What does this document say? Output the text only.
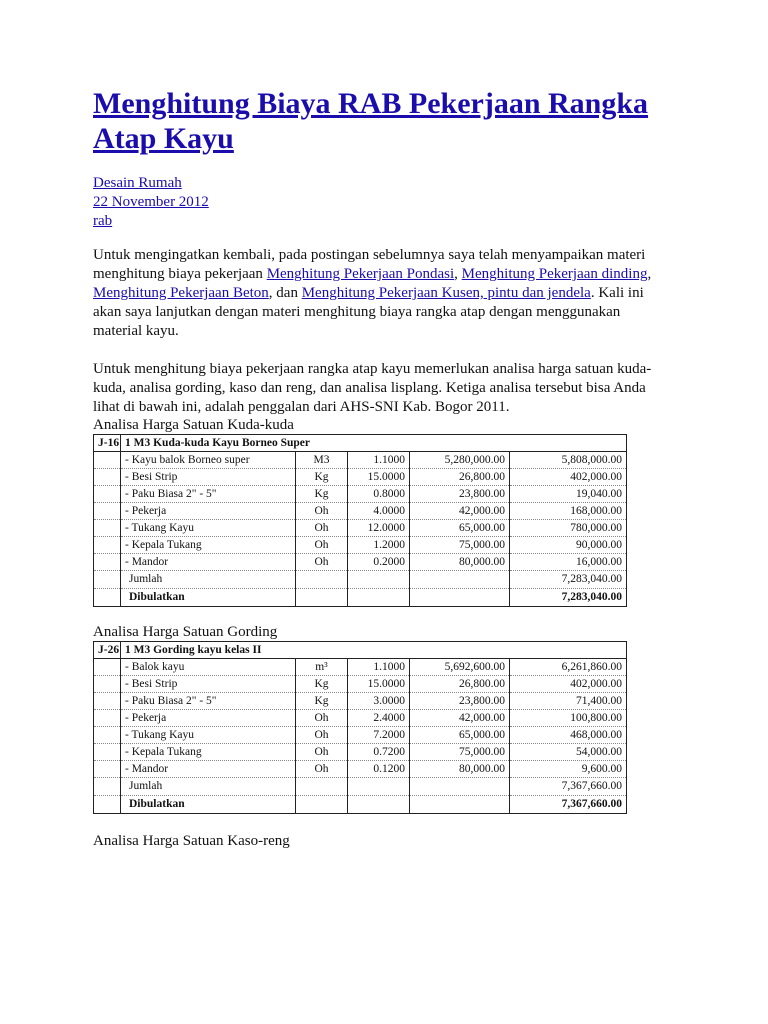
Menghitung Biaya RAB Pekerjaan Rangka Atap Kayu
Desain Rumah
22 November 2012
rab

Untuk mengingatkan kembali, pada postingan sebelumnya saya telah menyampaikan materi menghitung biaya pekerjaan Menghitung Pekerjaan Pondasi, Menghitung Pekerjaan dinding, Menghitung Pekerjaan Beton, dan Menghitung Pekerjaan Kusen, pintu dan jendela. Kali ini akan saya lanjutkan dengan materi menghitung biaya rangka atap dengan menggunakan material kayu.

Untuk menghitung biaya pekerjaan rangka atap kayu memerlukan analisa harga satuan kuda-kuda, analisa gording, kaso dan reng, dan analisa lisplang. Ketiga analisa tersebut bisa Anda lihat di bawah ini, adalah penggalan dari AHS-SNI Kab. Bogor 2011.

Analisa Harga Satuan Kuda-kuda
J-16	1 M3 Kuda-kuda Kayu Borneo Super				
	- Kayu balok Borneo super	M3	1.1000	5,280,000.00	5,808,000.00
	- Besi Strip	Kg	15.0000	26,800.00	402,000.00
	- Paku Biasa 2" - 5"	Kg	0.8000	23,800.00	19,040.00
	- Pekerja	Oh	4.0000	42,000.00	168,000.00
	- Tukang Kayu	Oh	12.0000	65,000.00	780,000.00
	- Kepala Tukang	Oh	1.2000	75,000.00	90,000.00
	- Mandor	Oh	0.2000	80,000.00	16,000.00
	Jumlah				7,283,040.00
	Dibulatkan				7,283,040.00
Analisa Harga Satuan Gording
J-26	1 M3 Gording kayu kelas II				
	- Balok kayu	m³	1.1000	5,692,600.00	6,261,860.00
	- Besi Strip	Kg	15.0000	26,800.00	402,000.00
	- Paku Biasa 2" - 5"	Kg	3.0000	23,800.00	71,400.00
	- Pekerja	Oh	2.4000	42,000.00	100,800.00
	- Tukang Kayu	Oh	7.2000	65,000.00	468,000.00
	- Kepala Tukang	Oh	0.7200	75,000.00	54,000.00
	- Mandor	Oh	0.1200	80,000.00	9,600.00
	Jumlah				7,367,660.00
	Dibulatkan				7,367,660.00
Analisa Harga Satuan Kaso-reng
